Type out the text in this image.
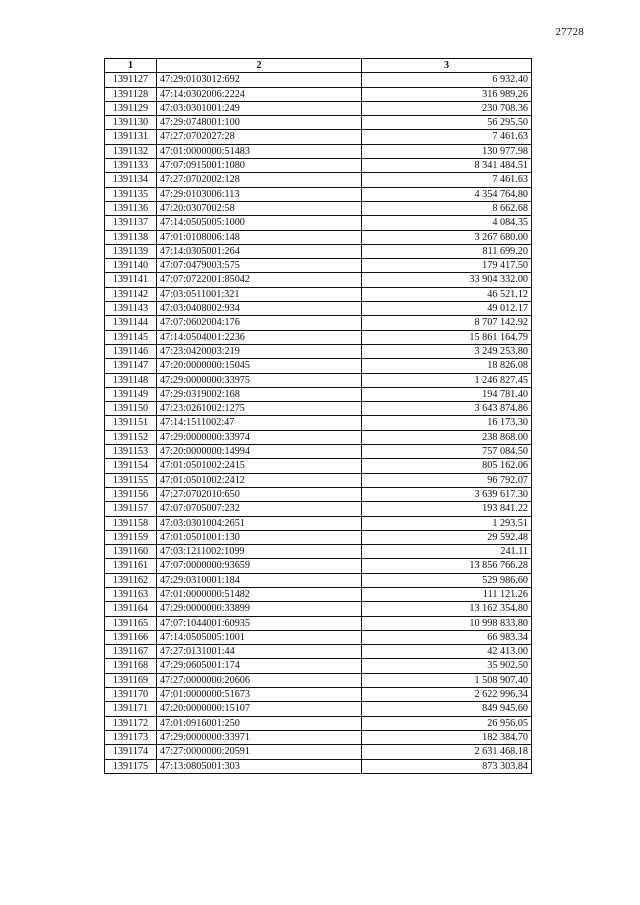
27728
1	2	3
1391127	47:29:0103012:692	6 932.40
1391128	47:14:0302006:2224	316 989.26
1391129	47:03:0301001:249	230 708.36
1391130	47:29:0748001:100	56 295.50
1391131	47:27:0702027:28	7 461.63
1391132	47:01:0000000:51483	130 977.98
1391133	47:07:0915001:1080	8 341 484.51
1391134	47:27:0702002:128	7 461.63
1391135	47:29:0103006:113	4 354 764.80
1391136	47:20:0307002:58	8 662.68
1391137	47:14:0505005:1000	4 084.35
1391138	47:01:0108006:148	3 267 680.00
1391139	47:14:0305001:264	811 699.20
1391140	47:07:0479003:575	179 417.50
1391141	47:07:0722001:85042	33 904 332.00
1391142	47:03:0511001:321	46 521.12
1391143	47:03:0408002:934	49 012.17
1391144	47:07:0602004:176	8 707 142.92
1391145	47:14:0504001:2236	15 861 164.79
1391146	47:23:0420003:219	3 249 253.80
1391147	47:20:0000000:15045	18 826.08
1391148	47:29:0000000:33975	1 246 827.45
1391149	47:29:0319002:168	194 781.40
1391150	47:23:0261002:1275	3 643 874.86
1391151	47:14:1511002:47	16 173.30
1391152	47:29:0000000:33974	238 868.00
1391153	47:20:0000000:14994	757 084.50
1391154	47:01:0501002:2415	805 162.06
1391155	47:01:0501002:2412	96 792.07
1391156	47:27:0702010:650	3 639 617.30
1391157	47:07:0705007:232	193 841.22
1391158	47:03:0301004:2651	1 293.51
1391159	47:01:0501001:130	29 592.48
1391160	47:03:1211002:1099	241.11
1391161	47:07:0000000:93659	13 856 766.28
1391162	47:29:0310001:184	529 986.60
1391163	47:01:0000000:51482	111 121.26
1391164	47:29:0000000:33899	13 162 354.80
1391165	47:07:1044001:60935	10 998 833.80
1391166	47:14:0505005:1001	66 983.34
1391167	47:27:0131001:44	42 413.00
1391168	47:29:0605001:174	35 902.50
1391169	47:27:0000000:20606	1 508 907.40
1391170	47:01:0000000:51673	2 622 996.34
1391171	47:20:0000000:15107	849 945.60
1391172	47:01:0916001:250	26 956.05
1391173	47:29:0000000:33971	182 384.70
1391174	47:27:0000000:20591	2 631 468.18
1391175	47:13:0805001:303	873 303.84
